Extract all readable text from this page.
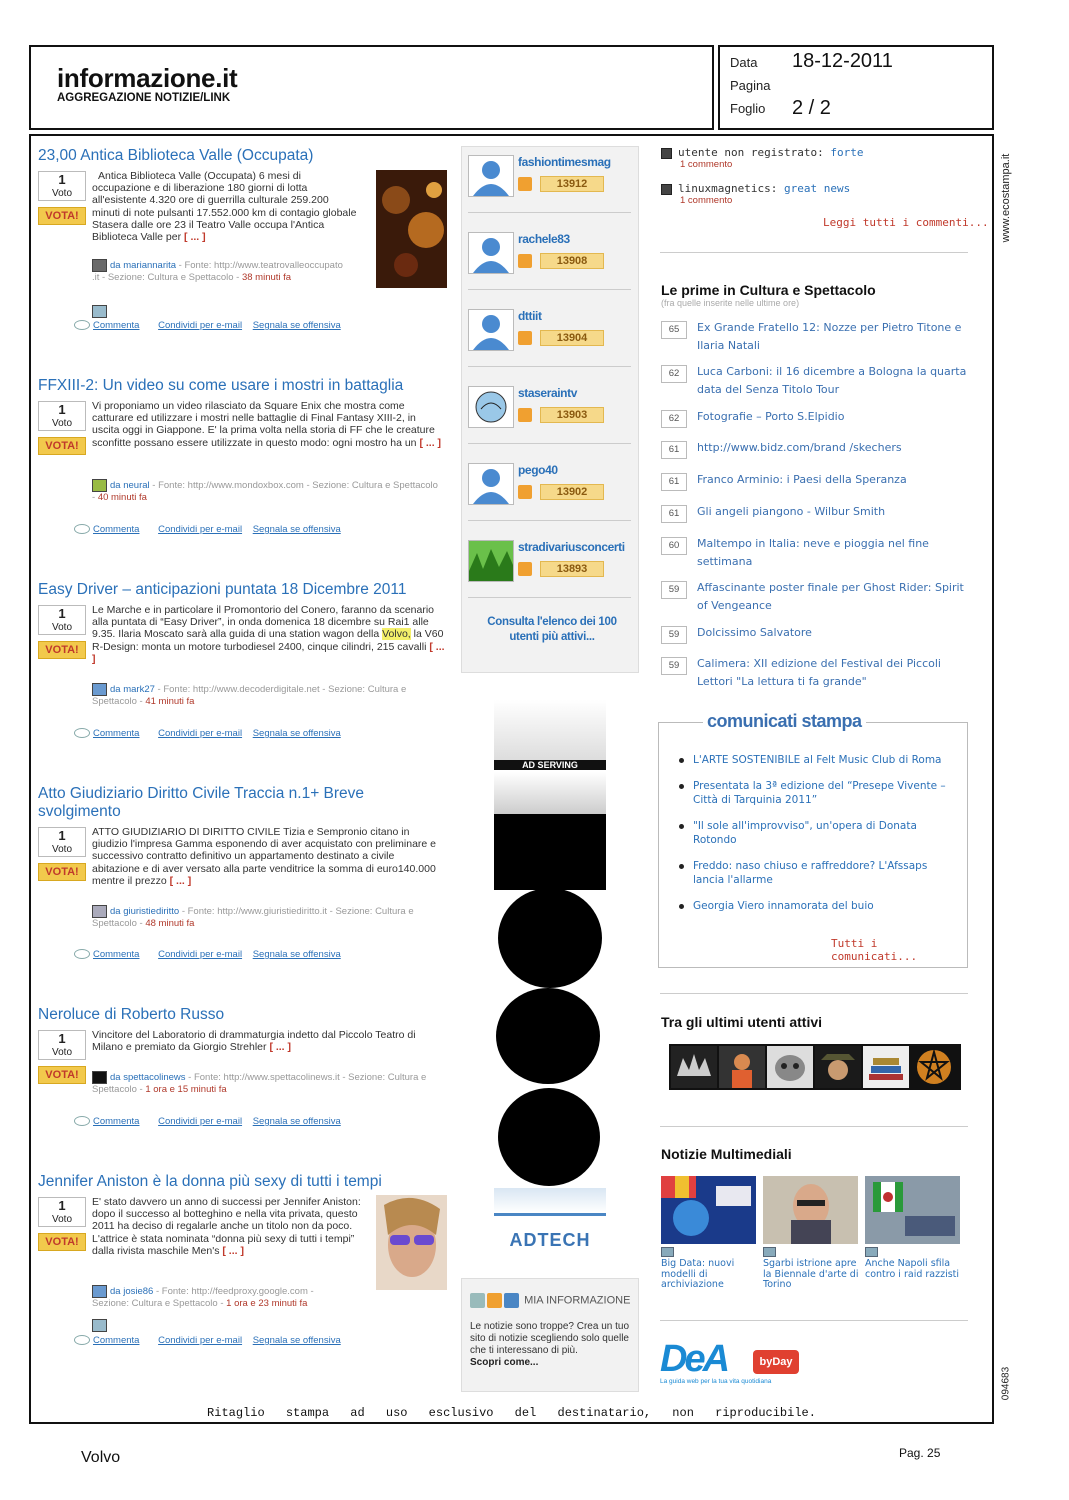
informazione.it
AGGREGAZIONE NOTIZIE/LINK
Data 18-12-2011
Pagina
Foglio 2 / 2
www.ecostampa.it
094683
23,00 Antica Biblioteca Valle (Occupata)
1
Voto
VOTA!
Antica Biblioteca Valle (Occupata) 6 mesi di occupazione e di liberazione 180 giorni di lotta all'esistente 4.320 ore di guerrilla culturale 259.200 minuti di note pulsanti 17.552.000 km di contagio globale Stasera dalle ore 23 il Teatro Valle occupa l'Antica Biblioteca Valle per [ ... ]
da mariannarita - Fonte: http://www.teatrovalleoccupato .it - Sezione: Cultura e Spettacolo - 38 minuti fa
Commenta Condividi per e-mail Segnala se offensiva
FFXIII-2: Un video su come usare i mostri in battaglia
1
Voto
VOTA!
Vi proponiamo un video rilasciato da Square Enix che mostra come catturare ed utilizzare i mostri nelle battaglie di Final Fantasy XIII-2, in uscita oggi in Giappone. E' la prima volta nella storia di FF che le creature sconfitte possano essere utilizzate in questo modo: ogni mostro ha un [ ... ]
da neural - Fonte: http://www.mondoxbox.com - Sezione: Cultura e Spettacolo - 40 minuti fa
Commenta Condividi per e-mail Segnala se offensiva
Easy Driver – anticipazioni puntata 18 Dicembre 2011
1
Voto
VOTA!
Le Marche e in particolare il Promontorio del Conero, faranno da scenario alla puntata di “Easy Driver”, in onda domenica 18 dicembre su Rai1 alle 9.35. Ilaria Moscato sarà alla guida di una station wagon della Volvo, la V60 R-Design: monta un motore turbodiesel 2400, cinque cilindri, 215 cavalli [ ... ]
da mark27 - Fonte: http://www.decoderdigitale.net - Sezione: Cultura e Spettacolo - 41 minuti fa
Commenta Condividi per e-mail Segnala se offensiva
Atto Giudiziario Diritto Civile Traccia n.1+ Breve svolgimento
1
Voto
VOTA!
ATTO GIUDIZIARIO DI DIRITTO CIVILE Tizia e Sempronio citano in giudizio l'impresa Gamma esponendo di aver acquistato con preliminare e successivo contratto definitivo un appartamento destinato a civile abitazione e di aver versato alla parte venditrice la somma di euro140.000 mentre il prezzo [ ... ]
da giuristiediritto - Fonte: http://www.giuristiediritto.it - Sezione: Cultura e Spettacolo - 48 minuti fa
Commenta Condividi per e-mail Segnala se offensiva
Neroluce di Roberto Russo
1
Voto
VOTA!
Vincitore del Laboratorio di drammaturgia indetto dal Piccolo Teatro di Milano e premiato da Giorgio Strehler [ ... ]
da spettacolinews - Fonte: http://www.spettacolinews.it - Sezione: Cultura e Spettacolo - 1 ora e 15 minuti fa
Commenta Condividi per e-mail Segnala se offensiva
Jennifer Aniston è la donna più sexy di tutti i tempi
1
Voto
VOTA!
E' stato davvero un anno di successi per Jennifer Aniston: dopo il successo al botteghino e nella vita privata, questo 2011 ha deciso di regalarle anche un titolo non da poco. L'attrice è stata nominata “donna più sexy di tutti i tempi” dalla rivista maschile Men's [ ... ]
da josie86 - Fonte: http://feedproxy.google.com - Sezione: Cultura e Spettacolo - 1 ora e 23 minuti fa
Commenta Condividi per e-mail Segnala se offensiva
fashiontimesmag
13912
rachele83
13908
dttiit
13904
staseraintv
13903
pego40
13902
stradivariusconcerti
13893
Consulta l'elenco dei 100 utenti più attivi...
AD SERVING
ADTECH
MIA INFORMAZIONE
Le notizie sono troppe? Crea un tuo sito di notizie scegliendo solo quelle che ti interessano di più.
Scopri come...
utente non registrato: forte
1 commento
linuxmagnetics: great news
1 commento
Leggi tutti i commenti...
Le prime in Cultura e Spettacolo
(fra quelle inserite nelle ultime ore)
65	Ex Grande Fratello 12: Nozze per Pietro Titone e Ilaria Natali
62	Luca Carboni: il 16 dicembre a Bologna la quarta data del Senza Titolo Tour
62	Fotografie – Porto S.Elpidio
61	http://www.bidz.com/brand /skechers
61	Franco Arminio: i Paesi della Speranza
61	Gli angeli piangono - Wilbur Smith
60	Maltempo in Italia: neve e pioggia nel fine settimana
59	Affascinante poster finale per Ghost Rider: Spirit of Vengeance
59	Dolcissimo Salvatore
59	Calimera: XII edizione del Festival dei Piccoli Lettori "La lettura ti fa grande"
comunicati stampa
L'ARTE SOSTENIBILE al Felt Music Club di Roma
Presentata la 3ª edizione del “Presepe Vivente – Città di Tarquinia 2011”
"Il sole all'improvviso", un'opera di Donata Rotondo
Freddo: naso chiuso e raffreddore? L'Afssaps lancia l'allarme
Georgia Viero innamorata del buio
Tutti i comunicati...
Tra gli ultimi utenti attivi
Notizie Multimediali
Big Data: nuovi modelli di archiviazione
Sgarbi istrione apre la Biennale d'arte di Torino
Anche Napoli sfila contro i raid razzisti
DeA	byDay
La guida web per la tua vita quotidiana
Ritaglio stampa ad uso esclusivo del destinatario, non riproducibile.
Volvo	Pag. 25
